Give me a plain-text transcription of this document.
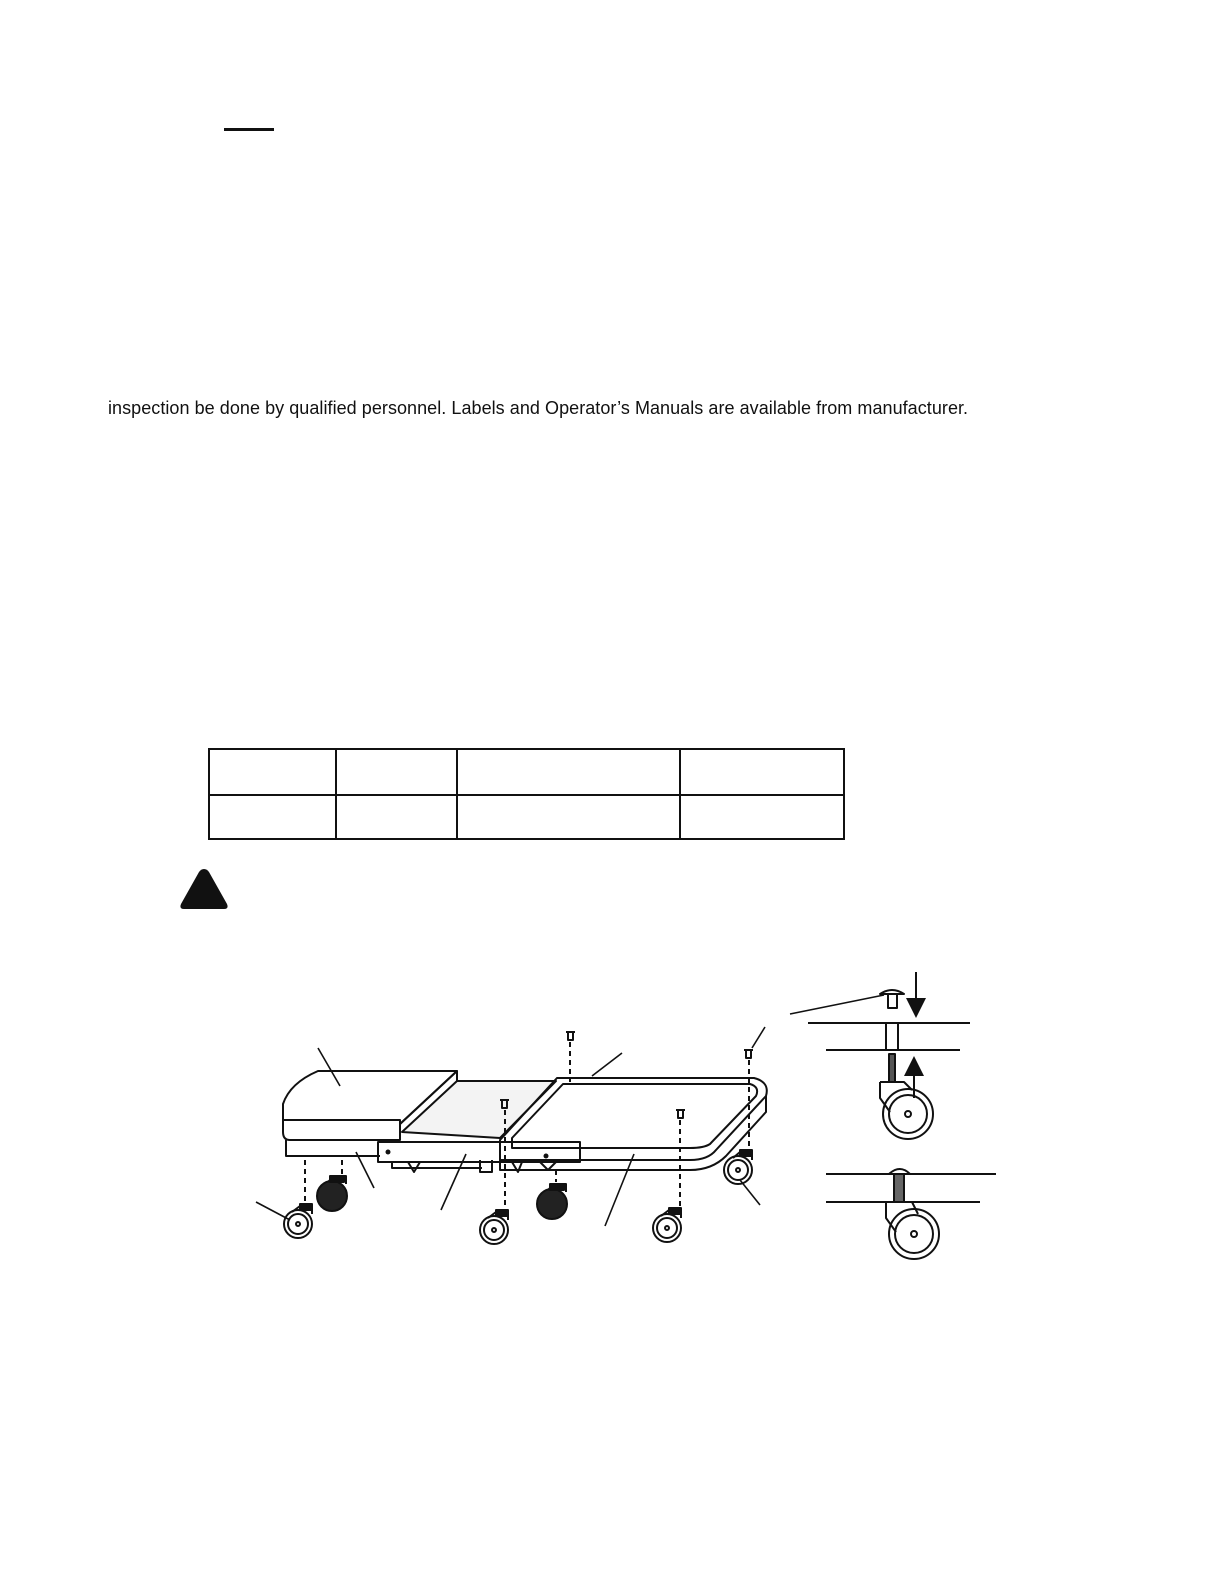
inspection be done by qualified personnel. Labels and Operator’s Manuals are available from manufacturer.
